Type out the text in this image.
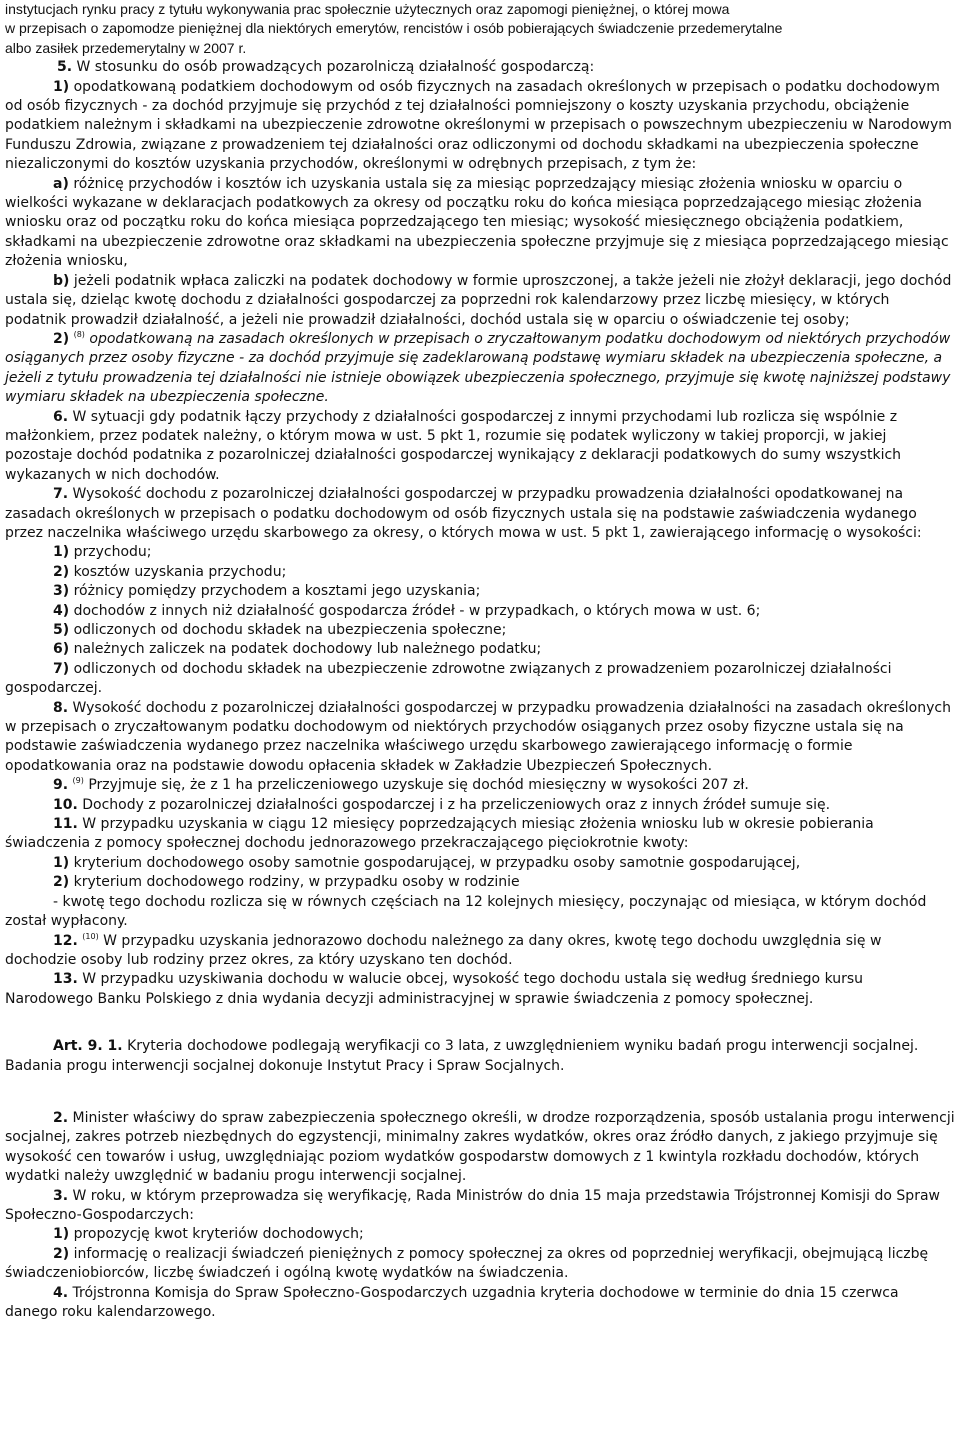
instytucjach rynku pracy z tytułu wykonywania prac społecznie użytecznych oraz zapomogi pieniężnej, o której mowa

w przepisach o zapomodze pieniężnej dla niektórych emerytów, rencistów i osób pobierających świadczenie przedemerytalne

albo zasiłek przedemerytalny w 2007 r.

5. W stosunku do osób prowadzących pozarolniczą działalność gospodarczą:

1) opodatkowaną podatkiem dochodowym od osób fizycznych na zasadach określonych w przepisach o podatku dochodowym od osób fizycznych - za dochód przyjmuje się przychód z tej działalności pomniejszony o koszty uzyskania przychodu, obciążenie podatkiem należnym i składkami na ubezpieczenie zdrowotne określonymi w przepisach o powszechnym ubezpieczeniu w Narodowym Funduszu Zdrowia, związane z prowadzeniem tej działalności oraz odliczonymi od dochodu składkami na ubezpieczenia społeczne niezaliczonymi do kosztów uzyskania przychodów, określonymi w odrębnych przepisach, z tym że:

a) różnicę przychodów i kosztów ich uzyskania ustala się za miesiąc poprzedzający miesiąc złożenia wniosku w oparciu o wielkości wykazane w deklaracjach podatkowych za okresy od początku roku do końca miesiąca poprzedzającego miesiąc złożenia wniosku oraz od początku roku do końca miesiąca poprzedzającego ten miesiąc; wysokość miesięcznego obciążenia podatkiem, składkami na ubezpieczenie zdrowotne oraz składkami na ubezpieczenia społeczne przyjmuje się z miesiąca poprzedzającego miesiąc złożenia wniosku,

b) jeżeli podatnik wpłaca zaliczki na podatek dochodowy w formie uproszczonej, a także jeżeli nie złożył deklaracji, jego dochód ustala się, dzieląc kwotę dochodu z działalności gospodarczej za poprzedni rok kalendarzowy przez liczbę miesięcy, w których podatnik prowadził działalność, a jeżeli nie prowadził działalności, dochód ustala się w oparciu o oświadczenie tej osoby;

2) $^{(8)}$ opodatkowaną na zasadach określonych w przepisach o zryczałtowanym podatku dochodowym od niektórych przychodów osiąganych przez osoby fizyczne - za dochód przyjmuje się zadeklarowaną podstawę wymiaru składek na ubezpieczenia społeczne, a jeżeli z tytułu prowadzenia tej działalności nie istnieje obowiązek ubezpieczenia społecznego, przyjmuje się kwotę najniższej podstawy wymiaru składek na ubezpieczenia społeczne.

6. W sytuacji gdy podatnik łączy przychody z działalności gospodarczej z innymi przychodami lub rozlicza się wspólnie z małżonkiem, przez podatek należny, o którym mowa w ust. 5 pkt 1, rozumie się podatek wyliczony w takiej proporcji, w jakiej pozostaje dochód podatnika z pozarolniczej działalności gospodarczej wynikający z deklaracji podatkowych do sumy wszystkich wykazanych w nich dochodów.

7. Wysokość dochodu z pozarolniczej działalności gospodarczej w przypadku prowadzenia działalności opodatkowanej na zasadach określonych w przepisach o podatku dochodowym od osób fizycznych ustala się na podstawie zaświadczenia wydanego przez naczelnika właściwego urzędu skarbowego za okresy, o których mowa w ust. 5 pkt 1, zawierającego informację o wysokości:

1) przychodu;

2) kosztów uzyskania przychodu;

3) różnicy pomiędzy przychodem a kosztami jego uzyskania;

4) dochodów z innych niż działalność gospodarcza źródeł - w przypadkach, o których mowa w ust. 6;

5) odliczonych od dochodu składek na ubezpieczenia społeczne;

6) należnych zaliczek na podatek dochodowy lub należnego podatku;

7) odliczonych od dochodu składek na ubezpieczenie zdrowotne związanych z prowadzeniem pozarolniczej działalności gospodarczej.

8. Wysokość dochodu z pozarolniczej działalności gospodarczej w przypadku prowadzenia działalności na zasadach określonych w przepisach o zryczałtowanym podatku dochodowym od niektórych przychodów osiąganych przez osoby fizyczne ustala się na podstawie zaświadczenia wydanego przez naczelnika właściwego urzędu skarbowego zawierającego informację o formie opodatkowania oraz na podstawie dowodu opłacenia składek w Zakładzie Ubezpieczeń Społecznych.

9. $^{(9)}$ Przyjmuje się, że z 1 ha przeliczeniowego uzyskuje się dochód miesięczny w wysokości 207 zł.

10. Dochody z pozarolniczej działalności gospodarczej i z ha przeliczeniowych oraz z innych źródeł sumuje się.

11. W przypadku uzyskania w ciągu 12 miesięcy poprzedzających miesiąc złożenia wniosku lub w okresie pobierania świadczenia z pomocy społecznej dochodu jednorazowego przekraczającego pięciokrotnie kwoty:

1) kryterium dochodowego osoby samotnie gospodarującej, w przypadku osoby samotnie gospodarującej,

2) kryterium dochodowego rodziny, w przypadku osoby w rodzinie

- kwotę tego dochodu rozlicza się w równych częściach na 12 kolejnych miesięcy, poczynając od miesiąca, w którym dochód został wypłacony.

12. $^{(10)}$ W przypadku uzyskania jednorazowo dochodu należnego za dany okres, kwotę tego dochodu uwzględnia się w dochodzie osoby lub rodziny przez okres, za który uzyskano ten dochód.

13. W przypadku uzyskiwania dochodu w walucie obcej, wysokość tego dochodu ustala się według średniego kursu Narodowego Banku Polskiego z dnia wydania decyzji administracyjnej w sprawie świadczenia z pomocy społecznej.

Art. 9. 1. Kryteria dochodowe podlegają weryfikacji co 3 lata, z uwzględnieniem wyniku badań progu interwencji socjalnej. Badania progu interwencji socjalnej dokonuje Instytut Pracy i Spraw Socjalnych.

2. Minister właściwy do spraw zabezpieczenia społecznego określi, w drodze rozporządzenia, sposób ustalania progu interwencji socjalnej, zakres potrzeb niezbędnych do egzystencji, minimalny zakres wydatków, okres oraz źródło danych, z jakiego przyjmuje się wysokość cen towarów i usług, uwzględniając poziom wydatków gospodarstw domowych z 1 kwintyla rozkładu dochodów, których wydatki należy uwzględnić w badaniu progu interwencji socjalnej.

3. W roku, w którym przeprowadza się weryfikację, Rada Ministrów do dnia 15 maja przedstawia Trójstronnej Komisji do Spraw Społeczno-Gospodarczych:

1) propozycję kwot kryteriów dochodowych;

2) informację o realizacji świadczeń pieniężnych z pomocy społecznej za okres od poprzedniej weryfikacji, obejmującą liczbę świadczeniobiorców, liczbę świadczeń i ogólną kwotę wydatków na świadczenia.

4. Trójstronna Komisja do Spraw Społeczno-Gospodarczych uzgadnia kryteria dochodowe w terminie do dnia 15 czerwca danego roku kalendarzowego.
